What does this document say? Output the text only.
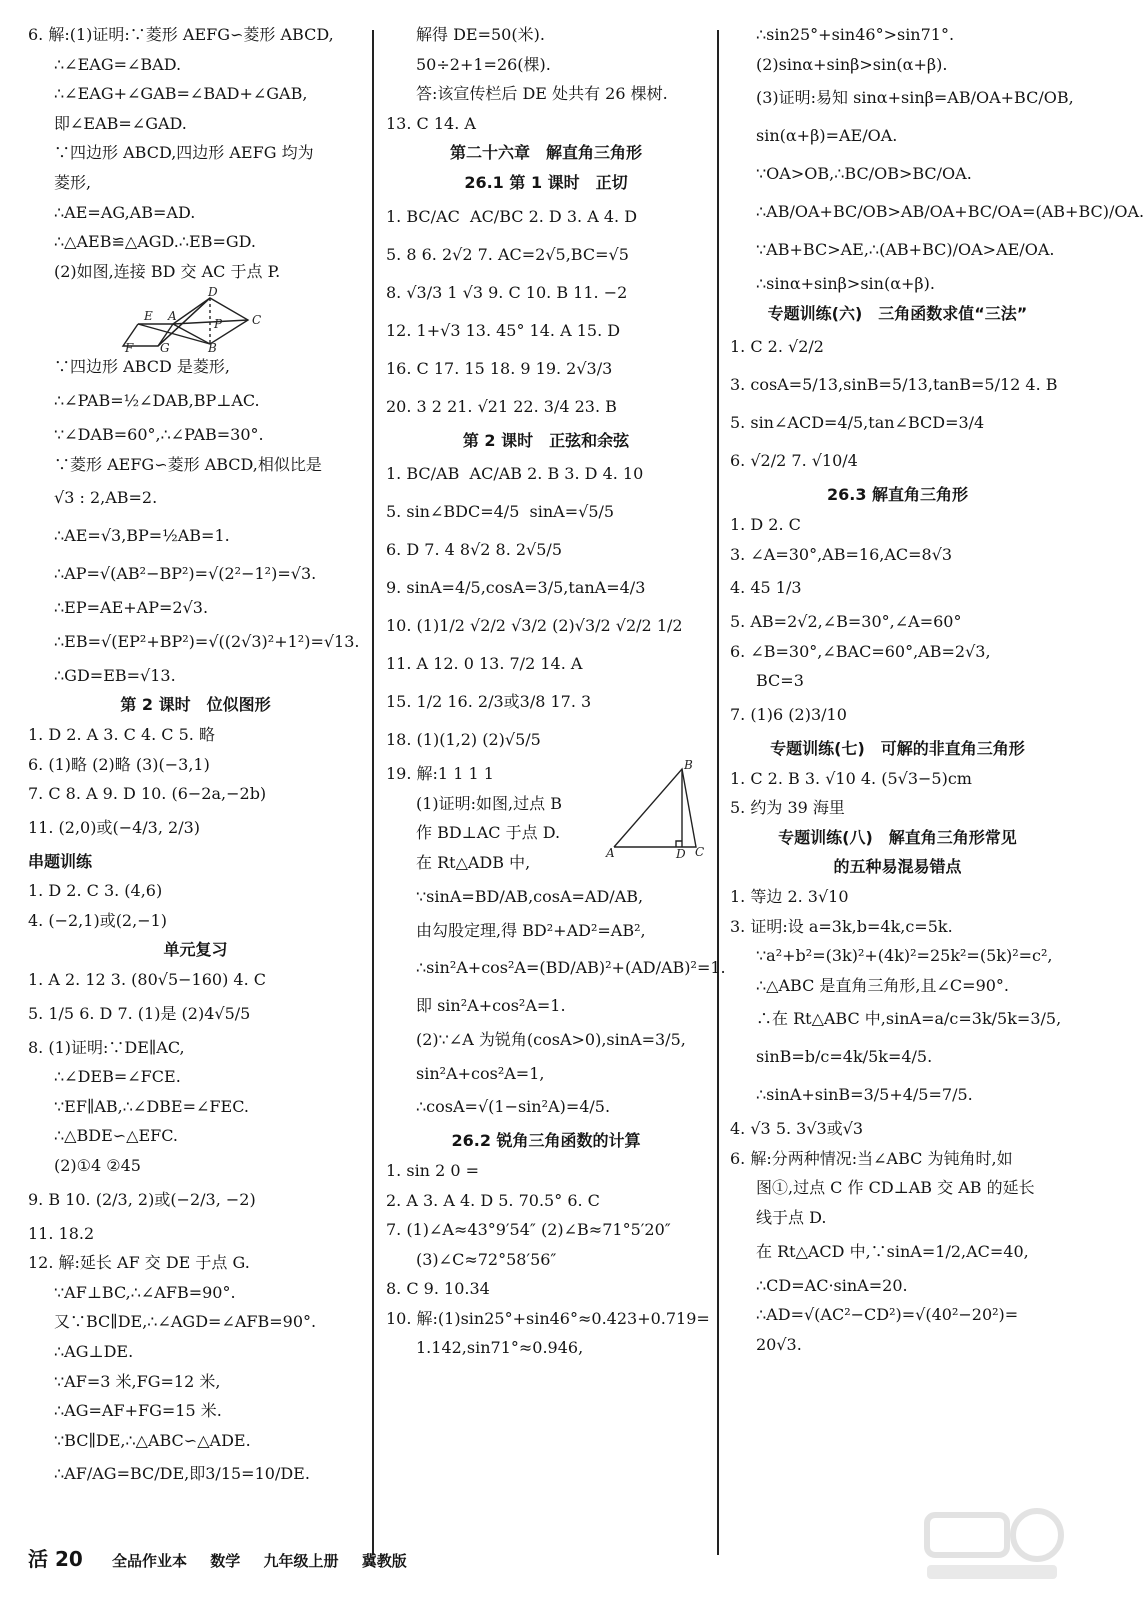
6. 解:(1)证明:∵菱形 AEFG∽菱形 ABCD,
∴∠EAG=∠BAD.
∴∠EAG+∠GAB=∠BAD+∠GAB,
即∠EAB=∠GAD.
∵四边形 ABCD,四边形 AEFG 均为
菱形,
∴AE=AG,AB=AD.
∴△AEB≌△AGD.∴EB=GD.
(2)如图,连接 BD 交 AC 于点 P.
E A
D
P C
F G	B
∵四边形 ABCD 是菱形,
∴∠PAB=½∠DAB,BP⊥AC.
∵∠DAB=60°,∴∠PAB=30°.
∵菱形 AEFG∽菱形 ABCD,相似比是
√3 : 2,AB=2.
∴AE=√3,BP=½AB=1.
∴AP=√(AB²−BP²)=√(2²−1²)=√3.
∴EP=AE+AP=2√3.
∴EB=√(EP²+BP²)=√((2√3)²+1²)=√13.
∴GD=EB=√13.
第 2 课时　位似图形
1. D 2. A 3. C 4. C 5. 略
6. (1)略 (2)略 (3)(−3,1)
7. C 8. A 9. D 10. (6−2a,−2b)
11. (2,0)或(−4/3, 2/3)
串题训练
1. D 2. C 3. (4,6)
4. (−2,1)或(2,−1)
单元复习
1. A 2. 12 3. (80√5−160) 4. C
5. 1/5 6. D 7. (1)是 (2)4√5/5
8. (1)证明:∵DE∥AC,
∴∠DEB=∠FCE.
∵EF∥AB,∴∠DBE=∠FEC.
∴△BDE∽△EFC.
(2)①4 ②45
9. B 10. (2/3, 2)或(−2/3, −2)
11. 18.2
12. 解:延长 AF 交 DE 于点 G.
∵AF⊥BC,∴∠AFB=90°.
又∵BC∥DE,∴∠AGD=∠AFB=90°.
∴AG⊥DE.
∵AF=3 米,FG=12 米,
∴AG=AF+FG=15 米.
∵BC∥DE,∴△ABC∽△ADE.
∴AF/AG=BC/DE,即3/15=10/DE.
解得 DE=50(米).
50÷2+1=26(棵).
答:该宣传栏后 DE 处共有 26 棵树.
13. C 14. A
第二十六章　解直角三角形
26.1 第 1 课时　正切
1. BC/AC  AC/BC 2. D 3. A 4. D
5. 8 6. 2√2 7. AC=2√5,BC=√5
8. √3/3 1 √3 9. C 10. B 11. −2
12. 1+√3 13. 45° 14. A 15. D
16. C 17. 15 18. 9 19. 2√3/3
20. 3 2 21. √21 22. 3/4 23. B
第 2 课时　正弦和余弦
1. BC/AB  AC/AB 2. B 3. D 4. 10
5. sin∠BDC=4/5  sinA=√5/5
6. D 7. 4 8√2 8. 2√5/5
9. sinA=4/5,cosA=3/5,tanA=4/3
10. (1)1/2 √2/2 √3/2 (2)√3/2 √2/2 1/2
11. A 12. 0 13. 7/2 14. A
15. 1/2 16. 2/3或3/8 17. 3
18. (1)(1,2) (2)√5/5
B
A	D C
19. 解:1 1 1 1
(1)证明:如图,过点 B
作 BD⊥AC 于点 D.
在 Rt△ADB 中,
∵sinA=BD/AB,cosA=AD/AB,
由勾股定理,得 BD²+AD²=AB²,
∴sin²A+cos²A=(BD/AB)²+(AD/AB)²=1.
即 sin²A+cos²A=1.
(2)∵∠A 为锐角(cosA>0),sinA=3/5,
sin²A+cos²A=1,
∴cosA=√(1−sin²A)=4/5.
26.2 锐角三角函数的计算
1. sin 2 0 =
2. A 3. A 4. D 5. 70.5° 6. C
7. (1)∠A≈43°9′54″ (2)∠B≈71°5′20″
(3)∠C≈72°58′56″
8. C 9. 10.34
10. 解:(1)sin25°+sin46°≈0.423+0.719=
1.142,sin71°≈0.946,
∴sin25°+sin46°>sin71°.
(2)sinα+sinβ>sin(α+β).
(3)证明:易知 sinα+sinβ=AB/OA+BC/OB,
sin(α+β)=AE/OA.
∵OA>OB,∴BC/OB>BC/OA.
∴AB/OA+BC/OB>AB/OA+BC/OA=(AB+BC)/OA.
∵AB+BC>AE,∴(AB+BC)/OA>AE/OA.
∴sinα+sinβ>sin(α+β).
专题训练(六)　三角函数求值“三法”
1. C 2. √2/2
3. cosA=5/13,sinB=5/13,tanB=5/12 4. B
5. sin∠ACD=4/5,tan∠BCD=3/4
6. √2/2 7. √10/4
26.3 解直角三角形
1. D 2. C
3. ∠A=30°,AB=16,AC=8√3
4. 45 1/3
5. AB=2√2,∠B=30°,∠A=60°
6. ∠B=30°,∠BAC=60°,AB=2√3,
BC=3
7. (1)6 (2)3/10
专题训练(七)　可解的非直角三角形
1. C 2. B 3. √10 4. (5√3−5)cm
5. 约为 39 海里
专题训练(八)　解直角三角形常见
的五种易混易错点
1. 等边 2. 3√10
3. 证明:设 a=3k,b=4k,c=5k.
∵a²+b²=(3k)²+(4k)²=25k²=(5k)²=c²,
∴△ABC 是直角三角形,且∠C=90°.
∴在 Rt△ABC 中,sinA=a/c=3k/5k=3/5,
sinB=b/c=4k/5k=4/5.
∴sinA+sinB=3/5+4/5=7/5.
4. √3 5. 3√3或√3
6. 解:分两种情况:当∠ABC 为钝角时,如
图①,过点 C 作 CD⊥AB 交 AB 的延长
线于点 D.
在 Rt△ACD 中,∵sinA=1/2,AC=40,
∴CD=AC·sinA=20.
∴AD=√(AC²−CD²)=√(40²−20²)=
20√3.
活 20 全品作业本 数学 九年级上册 冀教版
